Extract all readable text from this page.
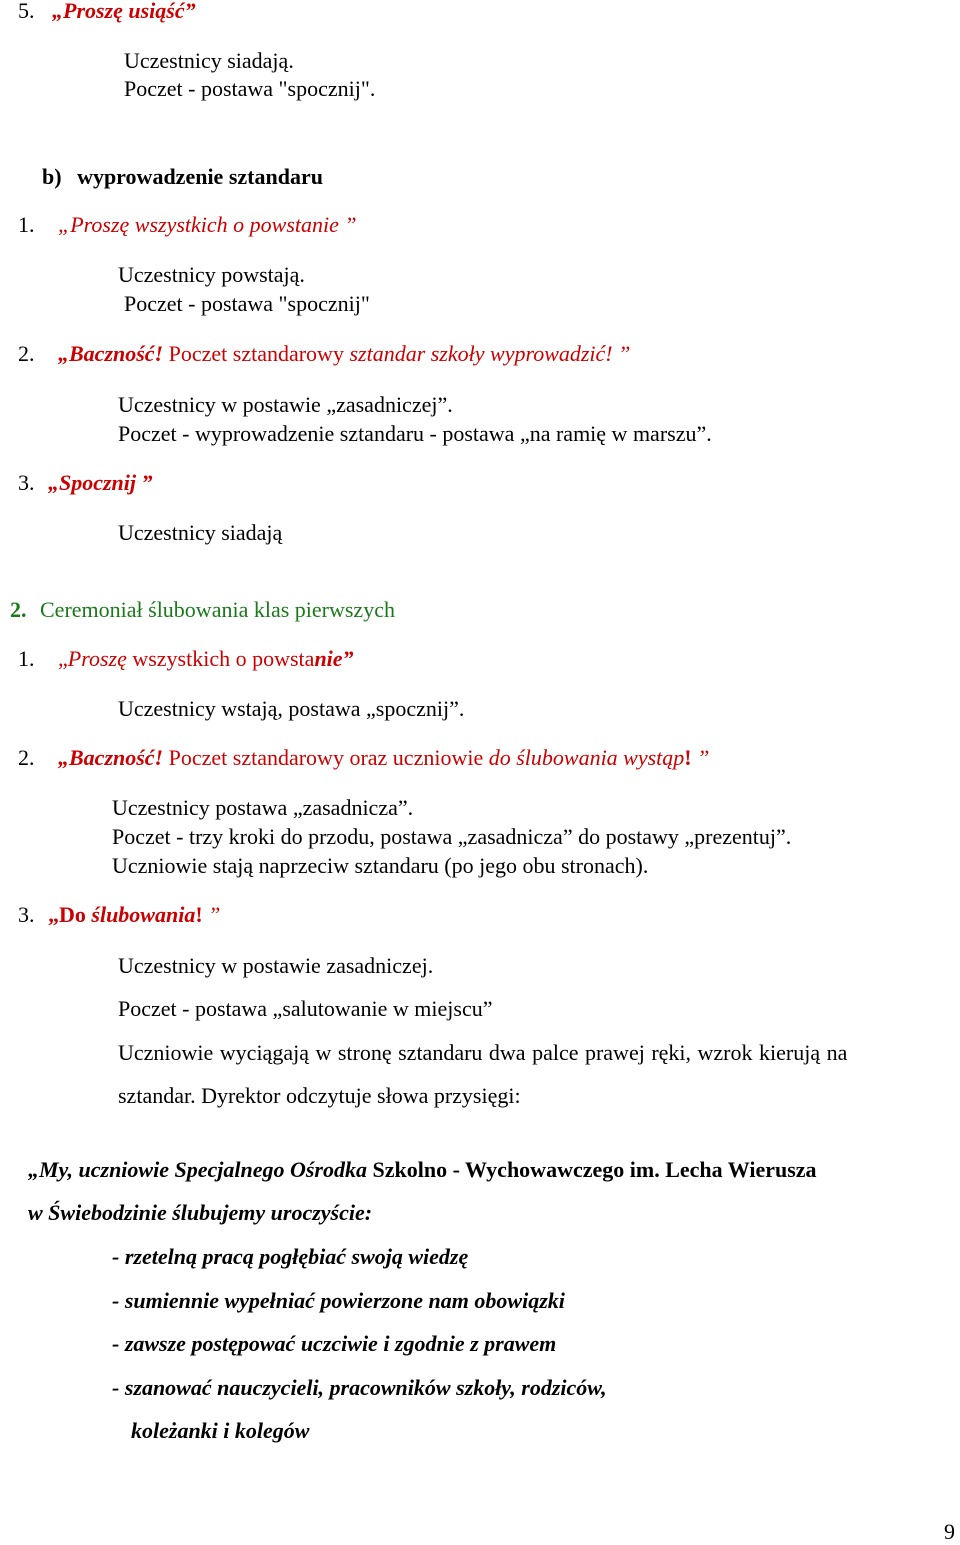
5. „Proszę usiąść”
Uczestnicy siadają.
Poczet - postawa "spocznij".
b) wyprowadzenie sztandaru
1. „Proszę wszystkich o powstanie ”
Uczestnicy powstają.
Poczet - postawa "spocznij"
2. „Baczność! Poczet sztandarowy sztandar szkoły wyprowadzić! ”
Uczestnicy w postawie „zasadniczej”.
Poczet - wyprowadzenie sztandaru - postawa „na ramię w marszu”.
3. „Spocznij ”
Uczestnicy siadają
2. Ceremoniał ślubowania klas pierwszych
1. „Proszę wszystkich o powstanie”
Uczestnicy wstają, postawa „spocznij”.
2. „Baczność! Poczet sztandarowy oraz uczniowie do ślubowania wystąp! ”
Uczestnicy postawa „zasadnicza”.
Poczet - trzy kroki do przodu, postawa „zasadnicza” do postawy „prezentuj”.
Uczniowie stają naprzeciw sztandaru (po jego obu stronach).
3. „Do ślubowania! ”
Uczestnicy w postawie zasadniczej.
Poczet - postawa „salutowanie w miejscu”
Uczniowie wyciągają w stronę sztandaru dwa palce prawej ręki, wzrok kierują na
sztandar. Dyrektor odczytuje słowa przysięgi:
„My, uczniowie Specjalnego Ośrodka Szkolno - Wychowawczego im. Lecha Wierusza
w Świebodzinie ślubujemy uroczyście:
- rzetelną pracą pogłębiać swoją wiedzę
- sumiennie wypełniać powierzone nam obowiązki
- zawsze postępować uczciwie i zgodnie z prawem
- szanować nauczycieli, pracowników szkoły, rodziców,
koleżanki i kolegów
9
